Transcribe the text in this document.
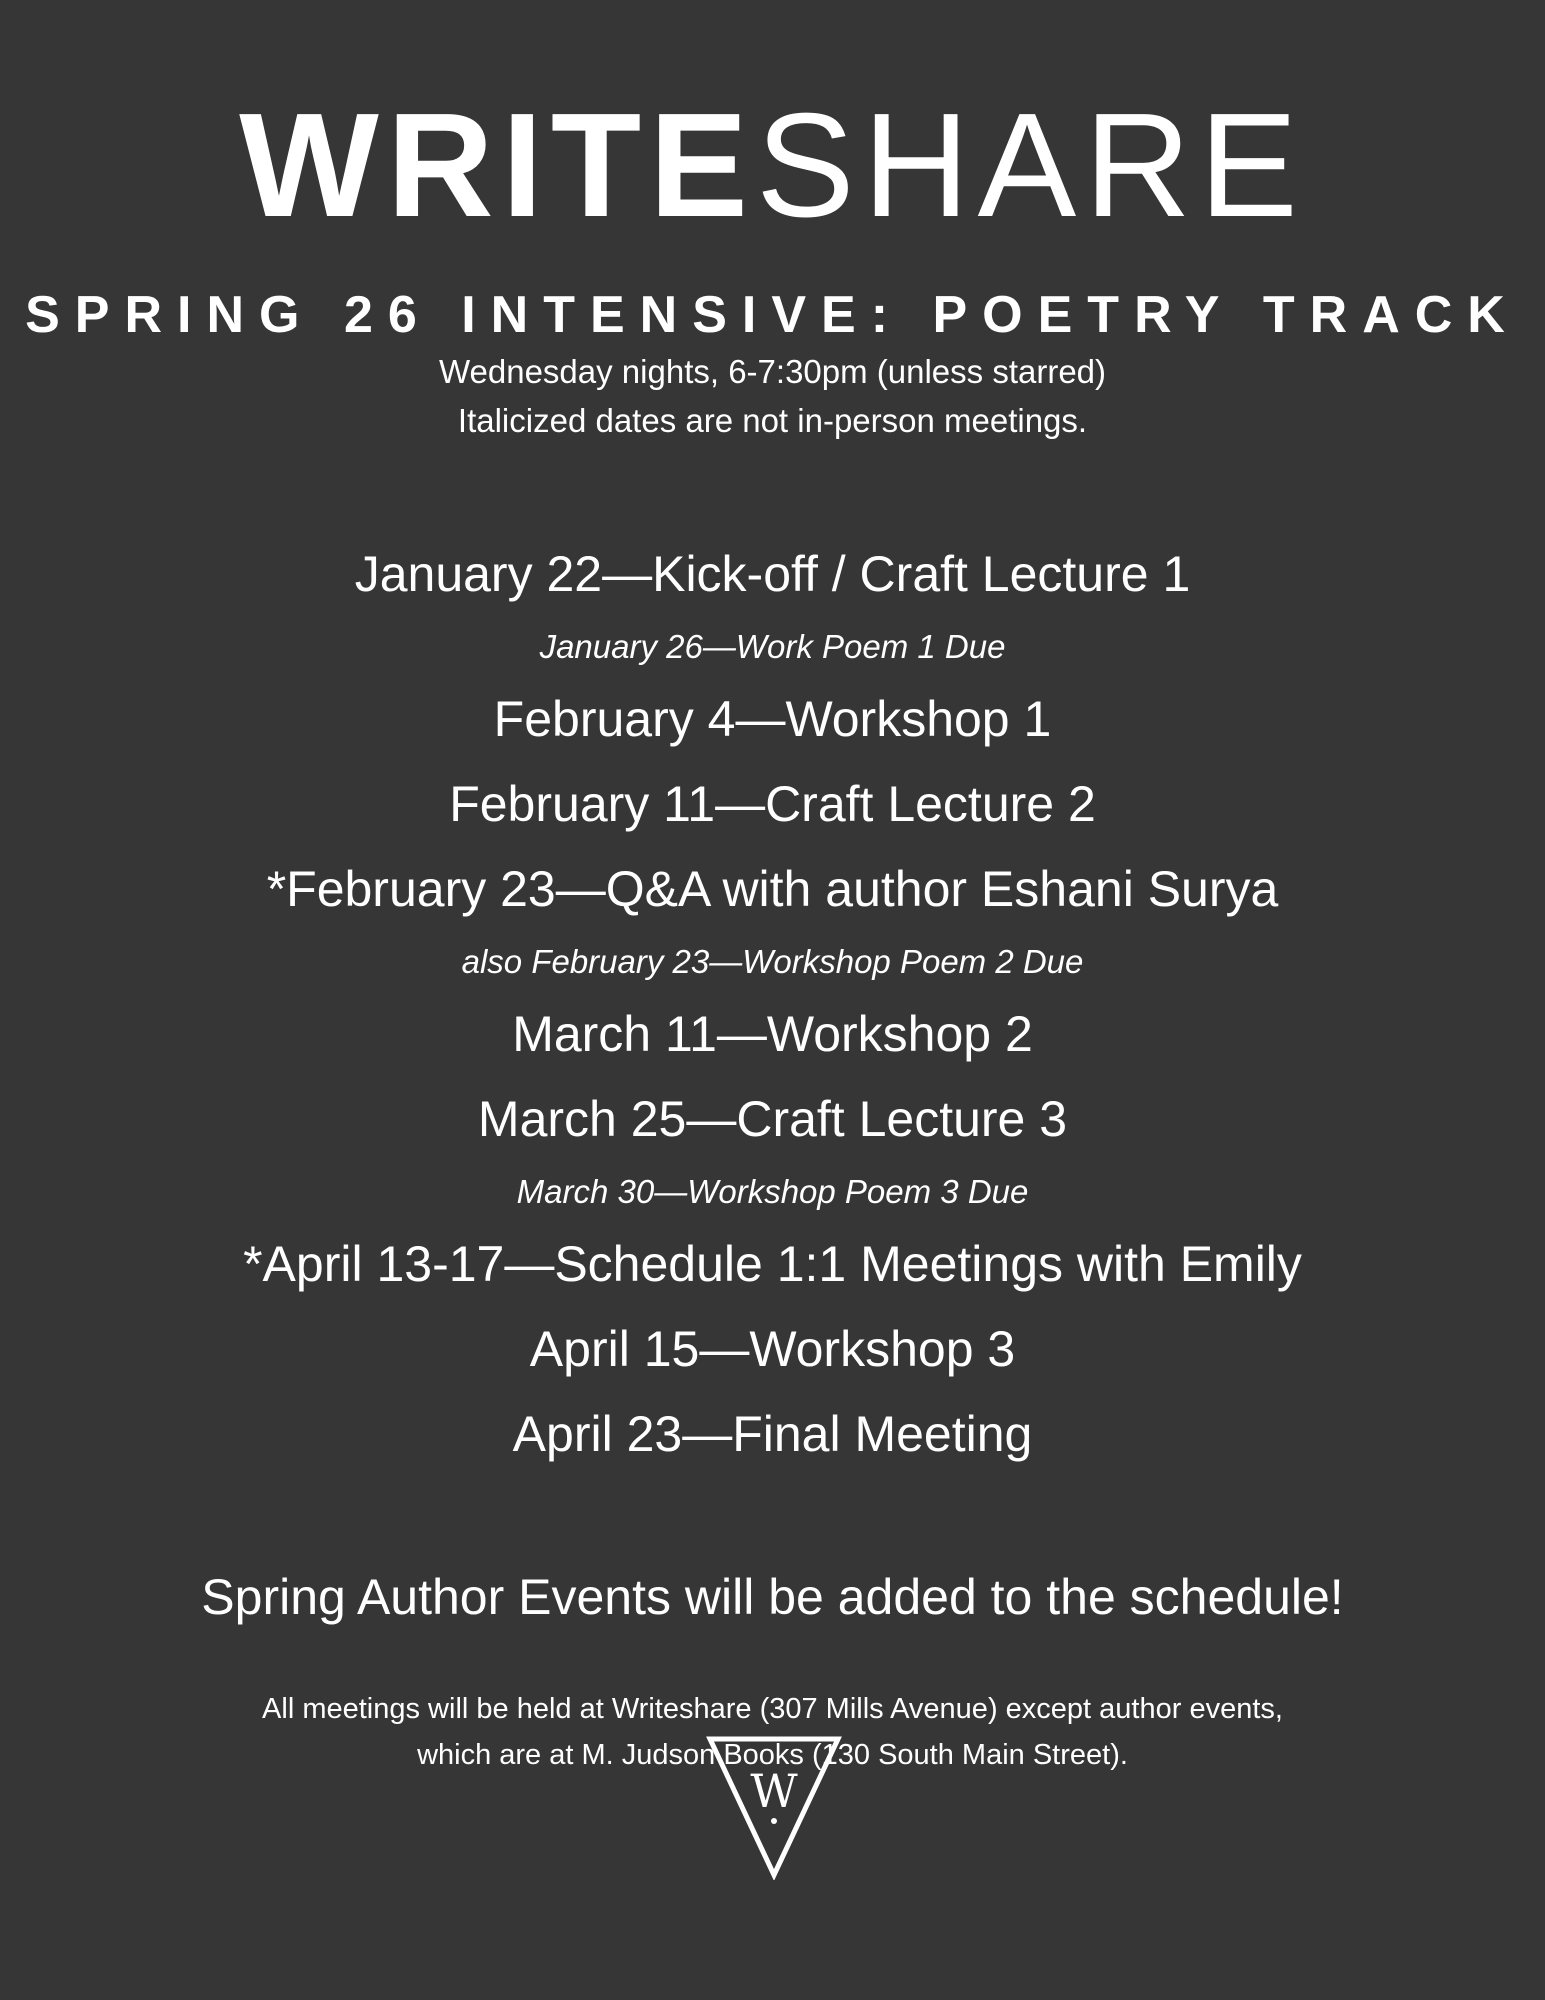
WRITESHARE
SPRING 26 INTENSIVE: POETRY TRACK
Wednesday nights, 6-7:30pm (unless starred)
Italicized dates are not in-person meetings.
January 22—Kick-off / Craft Lecture 1
January 26—Work Poem 1 Due
February 4—Workshop 1
February 11—Craft Lecture 2
*February 23—Q&A with author Eshani Surya
also February 23—Workshop Poem 2 Due
March 11—Workshop 2
March 25—Craft Lecture 3
March 30—Workshop Poem 3 Due
*April 13-17—Schedule 1:1 Meetings with Emily
April 15—Workshop 3
April 23—Final Meeting
Spring Author Events will be added to the schedule!
All meetings will be held at Writeshare (307 Mills Avenue) except author events,
which are at M. Judson Books (130 South Main Street).
W
